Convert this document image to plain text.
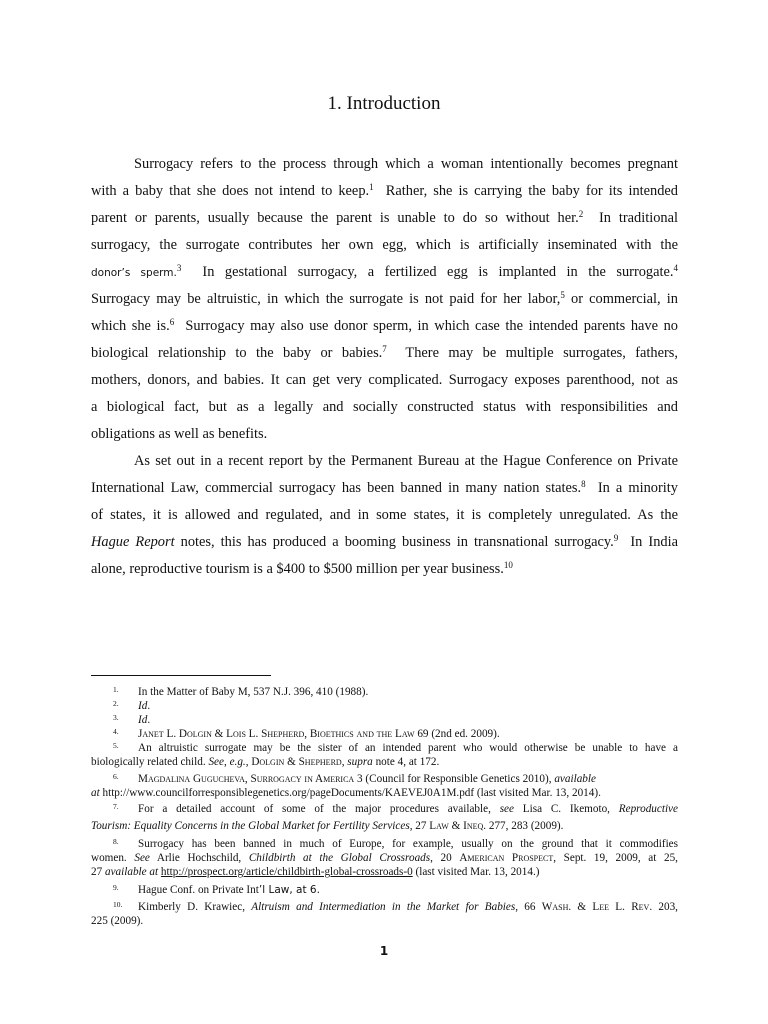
1. Introduction
Surrogacy refers to the process through which a woman intentionally becomes pregnant
with a baby that she does not intend to keep.$^1$ Rather, she is carrying the baby for its intended
parent or parents, usually because the parent is unable to do so without her.$^2$ In traditional
surrogacy, the surrogate contributes her own egg, which is artificially inseminated with the
donor’s sperm.$^3$ In gestational surrogacy, a fertilized egg is implanted in the surrogate.$^4$
Surrogacy may be altruistic, in which the surrogate is not paid for her labor,$^5$ or commercial, in
which she is.$^6$ Surrogacy may also use donor sperm, in which case the intended parents have no
biological relationship to the baby or babies.$^7$ There may be multiple surrogates, fathers,
mothers, donors, and babies. It can get very complicated. Surrogacy exposes parenthood, not as
a biological fact, but as a legally and socially constructed status with responsibilities and
obligations as well as benefits.
As set out in a recent report by the Permanent Bureau at the Hague Conference on Private
International Law, commercial surrogacy has been banned in many nation states.$^8$ In a minority
of states, it is allowed and regulated, and in some states, it is completely unregulated. As the
Hague Report notes, this has produced a booming business in transnational surrogacy.$^9$ In India
alone, reproductive tourism is a $400 to $500 million per year business.$^{10}$
1. In the Matter of Baby M, 537 N.J. 396, 410 (1988).
2. Id.
3. Id.
4. Janet L. Dolgin & Lois L. Shepherd, Bioethics and the Law 69 (2nd ed. 2009).
5. An altruistic surrogate may be the sister of an intended parent who would otherwise be unable to have a
biologically related child. See, e.g., Dolgin & Shepherd, supra note 4, at 172.
6. Magdalina Gugucheva, Surrogacy in America 3 (Council for Responsible Genetics 2010), available
at http://www.councilforresponsiblegenetics.org/pageDocuments/KAEVEJ0A1M.pdf (last visited Mar. 13, 2014).
7. For a detailed account of some of the major procedures available, see Lisa C. Ikemoto, Reproductive
Tourism: Equality Concerns in the Global Market for Fertility Services, 27 Law & Ineq. 277, 283 (2009).
8. Surrogacy has been banned in much of Europe, for example, usually on the ground that it commodifies
women. See Arlie Hochschild, Childbirth at the Global Crossroads, 20 American Prospect, Sept. 19, 2009, at 25,
27 available at http://prospect.org/article/childbirth-global-crossroads-0 (last visited Mar. 13, 2014.)
9. Hague Conf. on Private Int’l Law, at 6.
10. Kimberly D. Krawiec, Altruism and Intermediation in the Market for Babies, 66 Wash. & Lee L. Rev. 203,
225 (2009).
1
